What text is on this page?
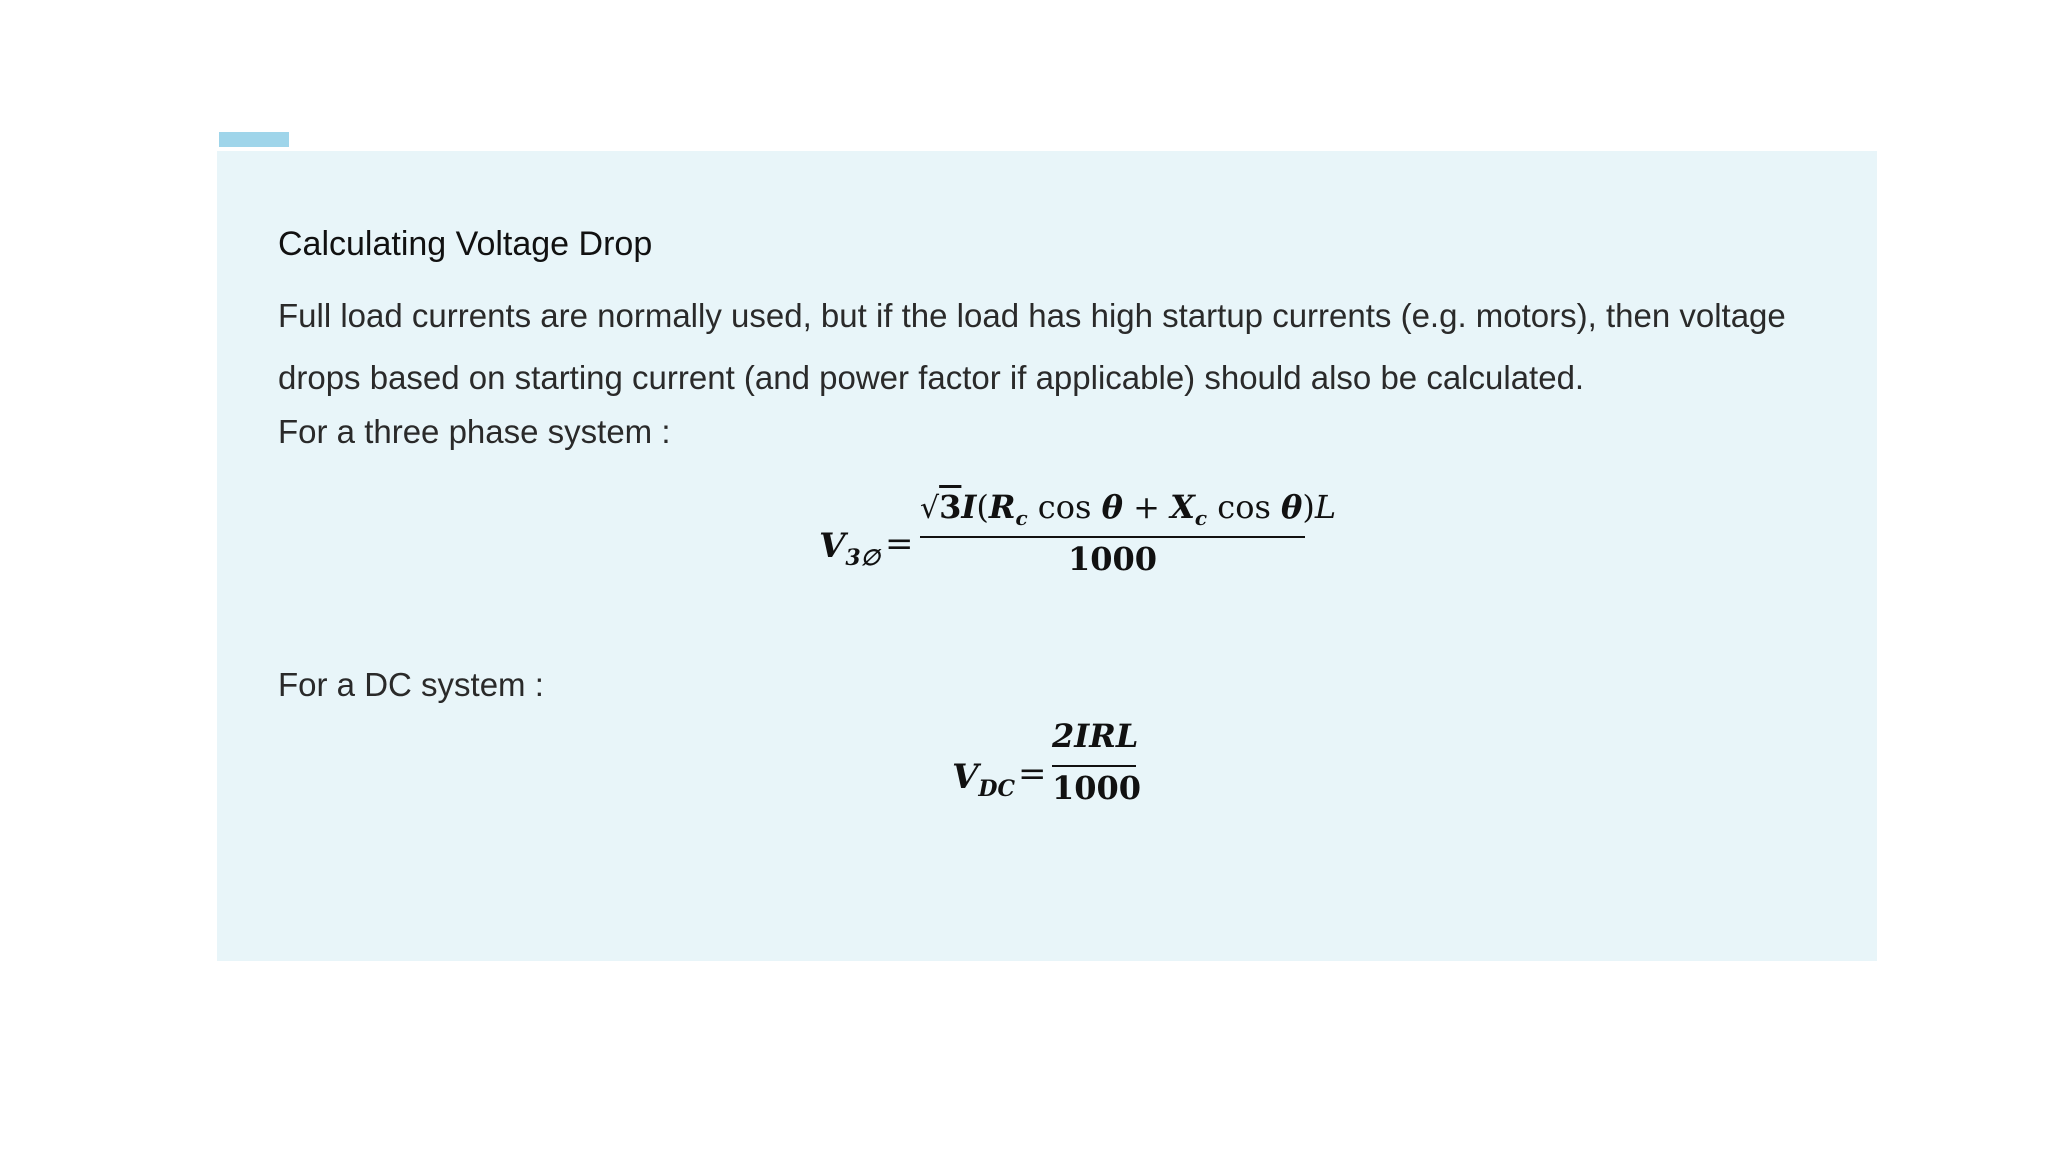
Calculating Voltage Drop
Full load currents are normally used, but if the load has high startup currents (e.g. motors), then voltage drops based on starting current (and power factor if applicable) should also be calculated.
For a three phase system :
$V_{3\emptyset}$ =
$√3I(R_c$ $\cos \theta + X_c$ cos θ)L
1000
For a DC system :
$V_{DC}$ =
2IRL
1000
